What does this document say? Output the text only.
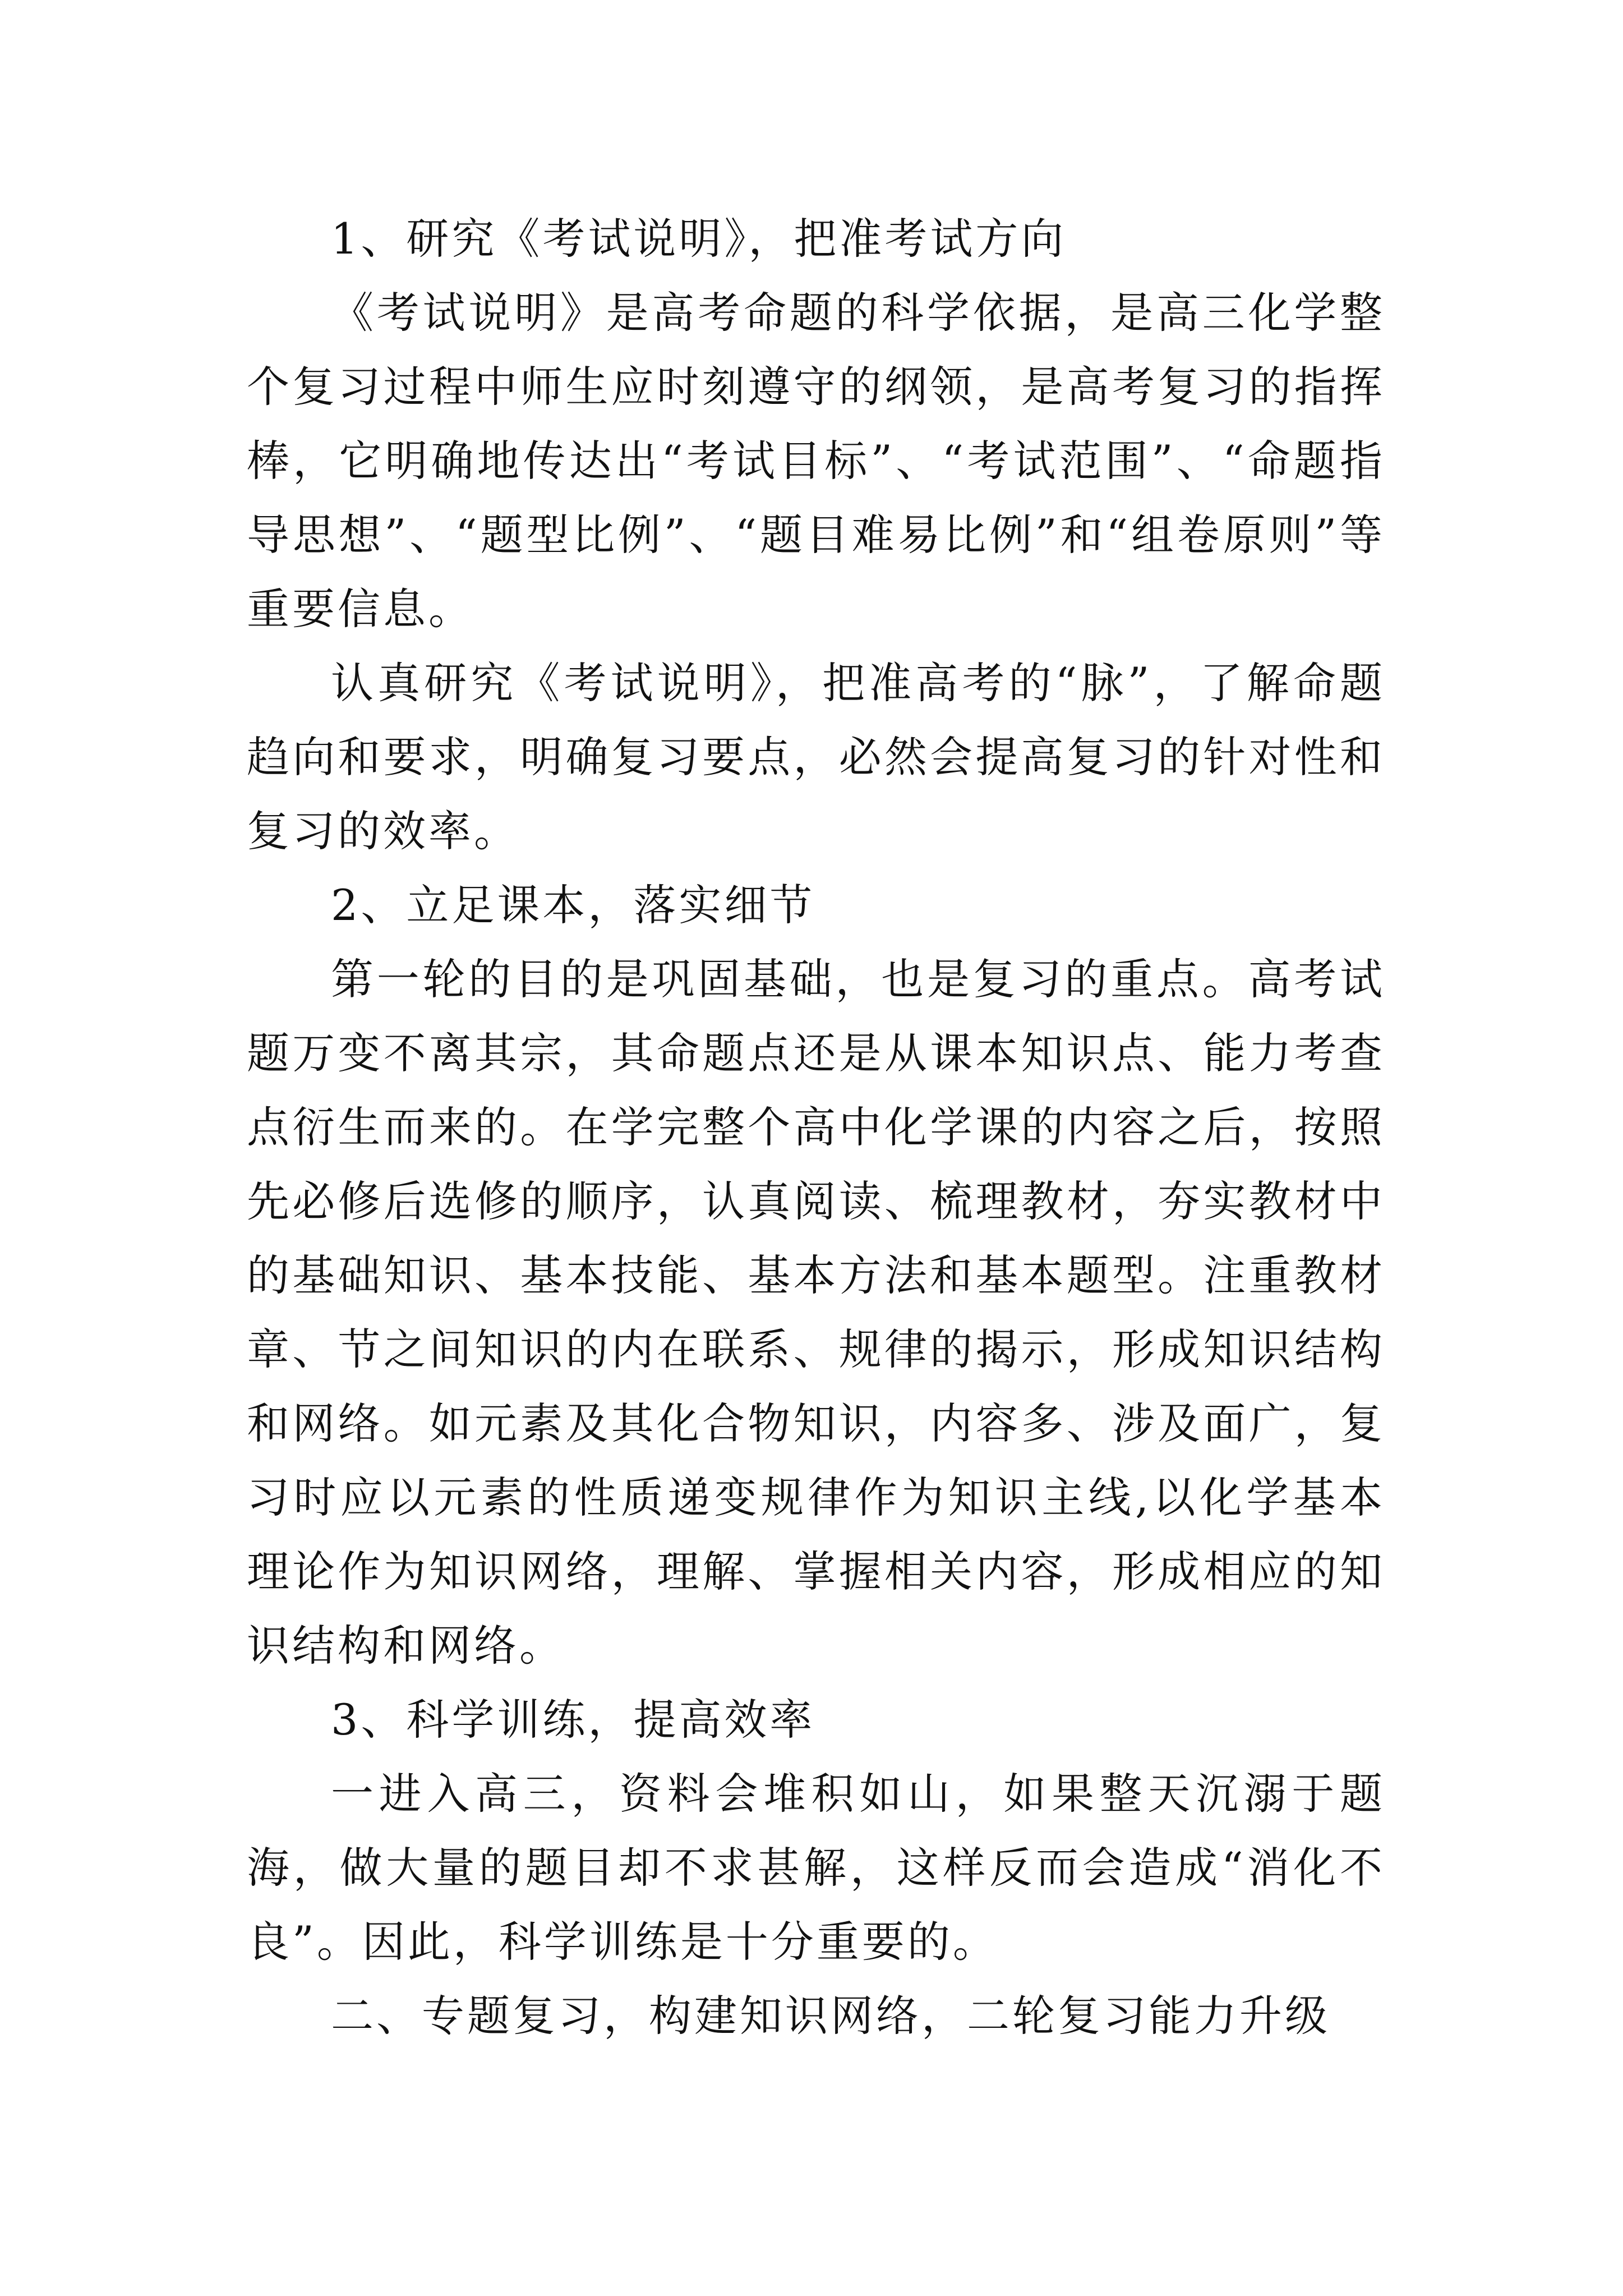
1、研究《考试说明》，把准考试方向

《考试说明》是高考命题的科学依据，是高三化学整个复习过程中师生应时刻遵守的纲领，是高考复习的指挥棒，它明确地传达出“考试目标”、“考试范围”、“命题指导思想”、“题型比例”、“题目难易比例”和“组卷原则”等重要信息。

认真研究《考试说明》，把准高考的“脉”，了解命题趋向和要求，明确复习要点，必然会提高复习的针对性和复习的效率。

2、立足课本，落实细节

第一轮的目的是巩固基础，也是复习的重点。高考试题万变不离其宗，其命题点还是从课本知识点、能力考查点衍生而来的。在学完整个高中化学课的内容之后，按照先必修后选修的顺序，认真阅读、梳理教材，夯实教材中的基础知识、基本技能、基本方法和基本题型。注重教材章、节之间知识的内在联系、规律的揭示，形成知识结构和网络。如元素及其化合物知识，内容多、涉及面广，复习时应以元素的性质递变规律作为知识主线,以化学基本理论作为知识网络，理解、掌握相关内容，形成相应的知识结构和网络。

3、科学训练，提高效率

一进入高三，资料会堆积如山，如果整天沉溺于题海，做大量的题目却不求甚解，这样反而会造成“消化不良”。因此，科学训练是十分重要的。

二、专题复习，构建知识网络，二轮复习能力升级
